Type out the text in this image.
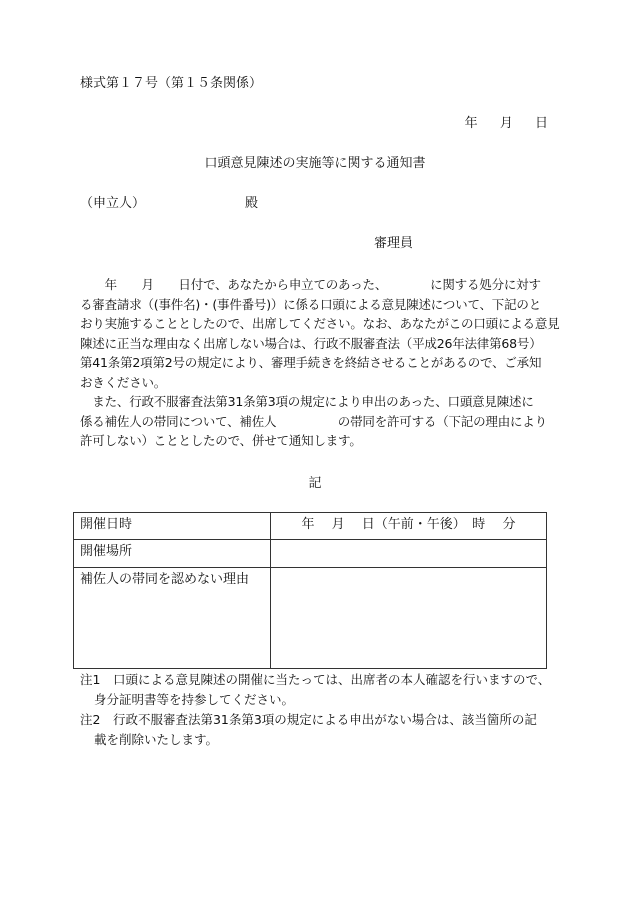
様式第１７号（第１５条関係）
年 月 日
口頭意見陳述の実施等に関する通知書
（申立人）	殿
審理員
　　年　　月　　日付で、あなたから申立てのあった、　　　　に関する処分に対す
る審査請求（(事件名)・(事件番号)）に係る口頭による意見陳述について、下記のと
おり実施することとしたので、出席してください。なお、あなたがこの口頭による意見
陳述に正当な理由なく出席しない場合は、行政不服審査法（平成26年法律第68号）
第41条第2項第2号の規定により、審理手続きを終結させることがあるので、ご承知
おきください。
　また、行政不服審査法第31条第3項の規定により申出のあった、口頭意見陳述に
係る補佐人の帯同について、補佐人　　　　　の帯同を許可する（下記の理由により
許可しない）こととしたので、併せて通知します。
記
開催日時	年　 月　 日（午前・午後）　時　 分
開催場所	
補佐人の帯同を認めない理由	
注1　口頭による意見陳述の開催に当たっては、出席者の本人確認を行いますので、
身分証明書等を持参してください。
注2　行政不服審査法第31条第3項の規定による申出がない場合は、該当箇所の記
載を削除いたします。
